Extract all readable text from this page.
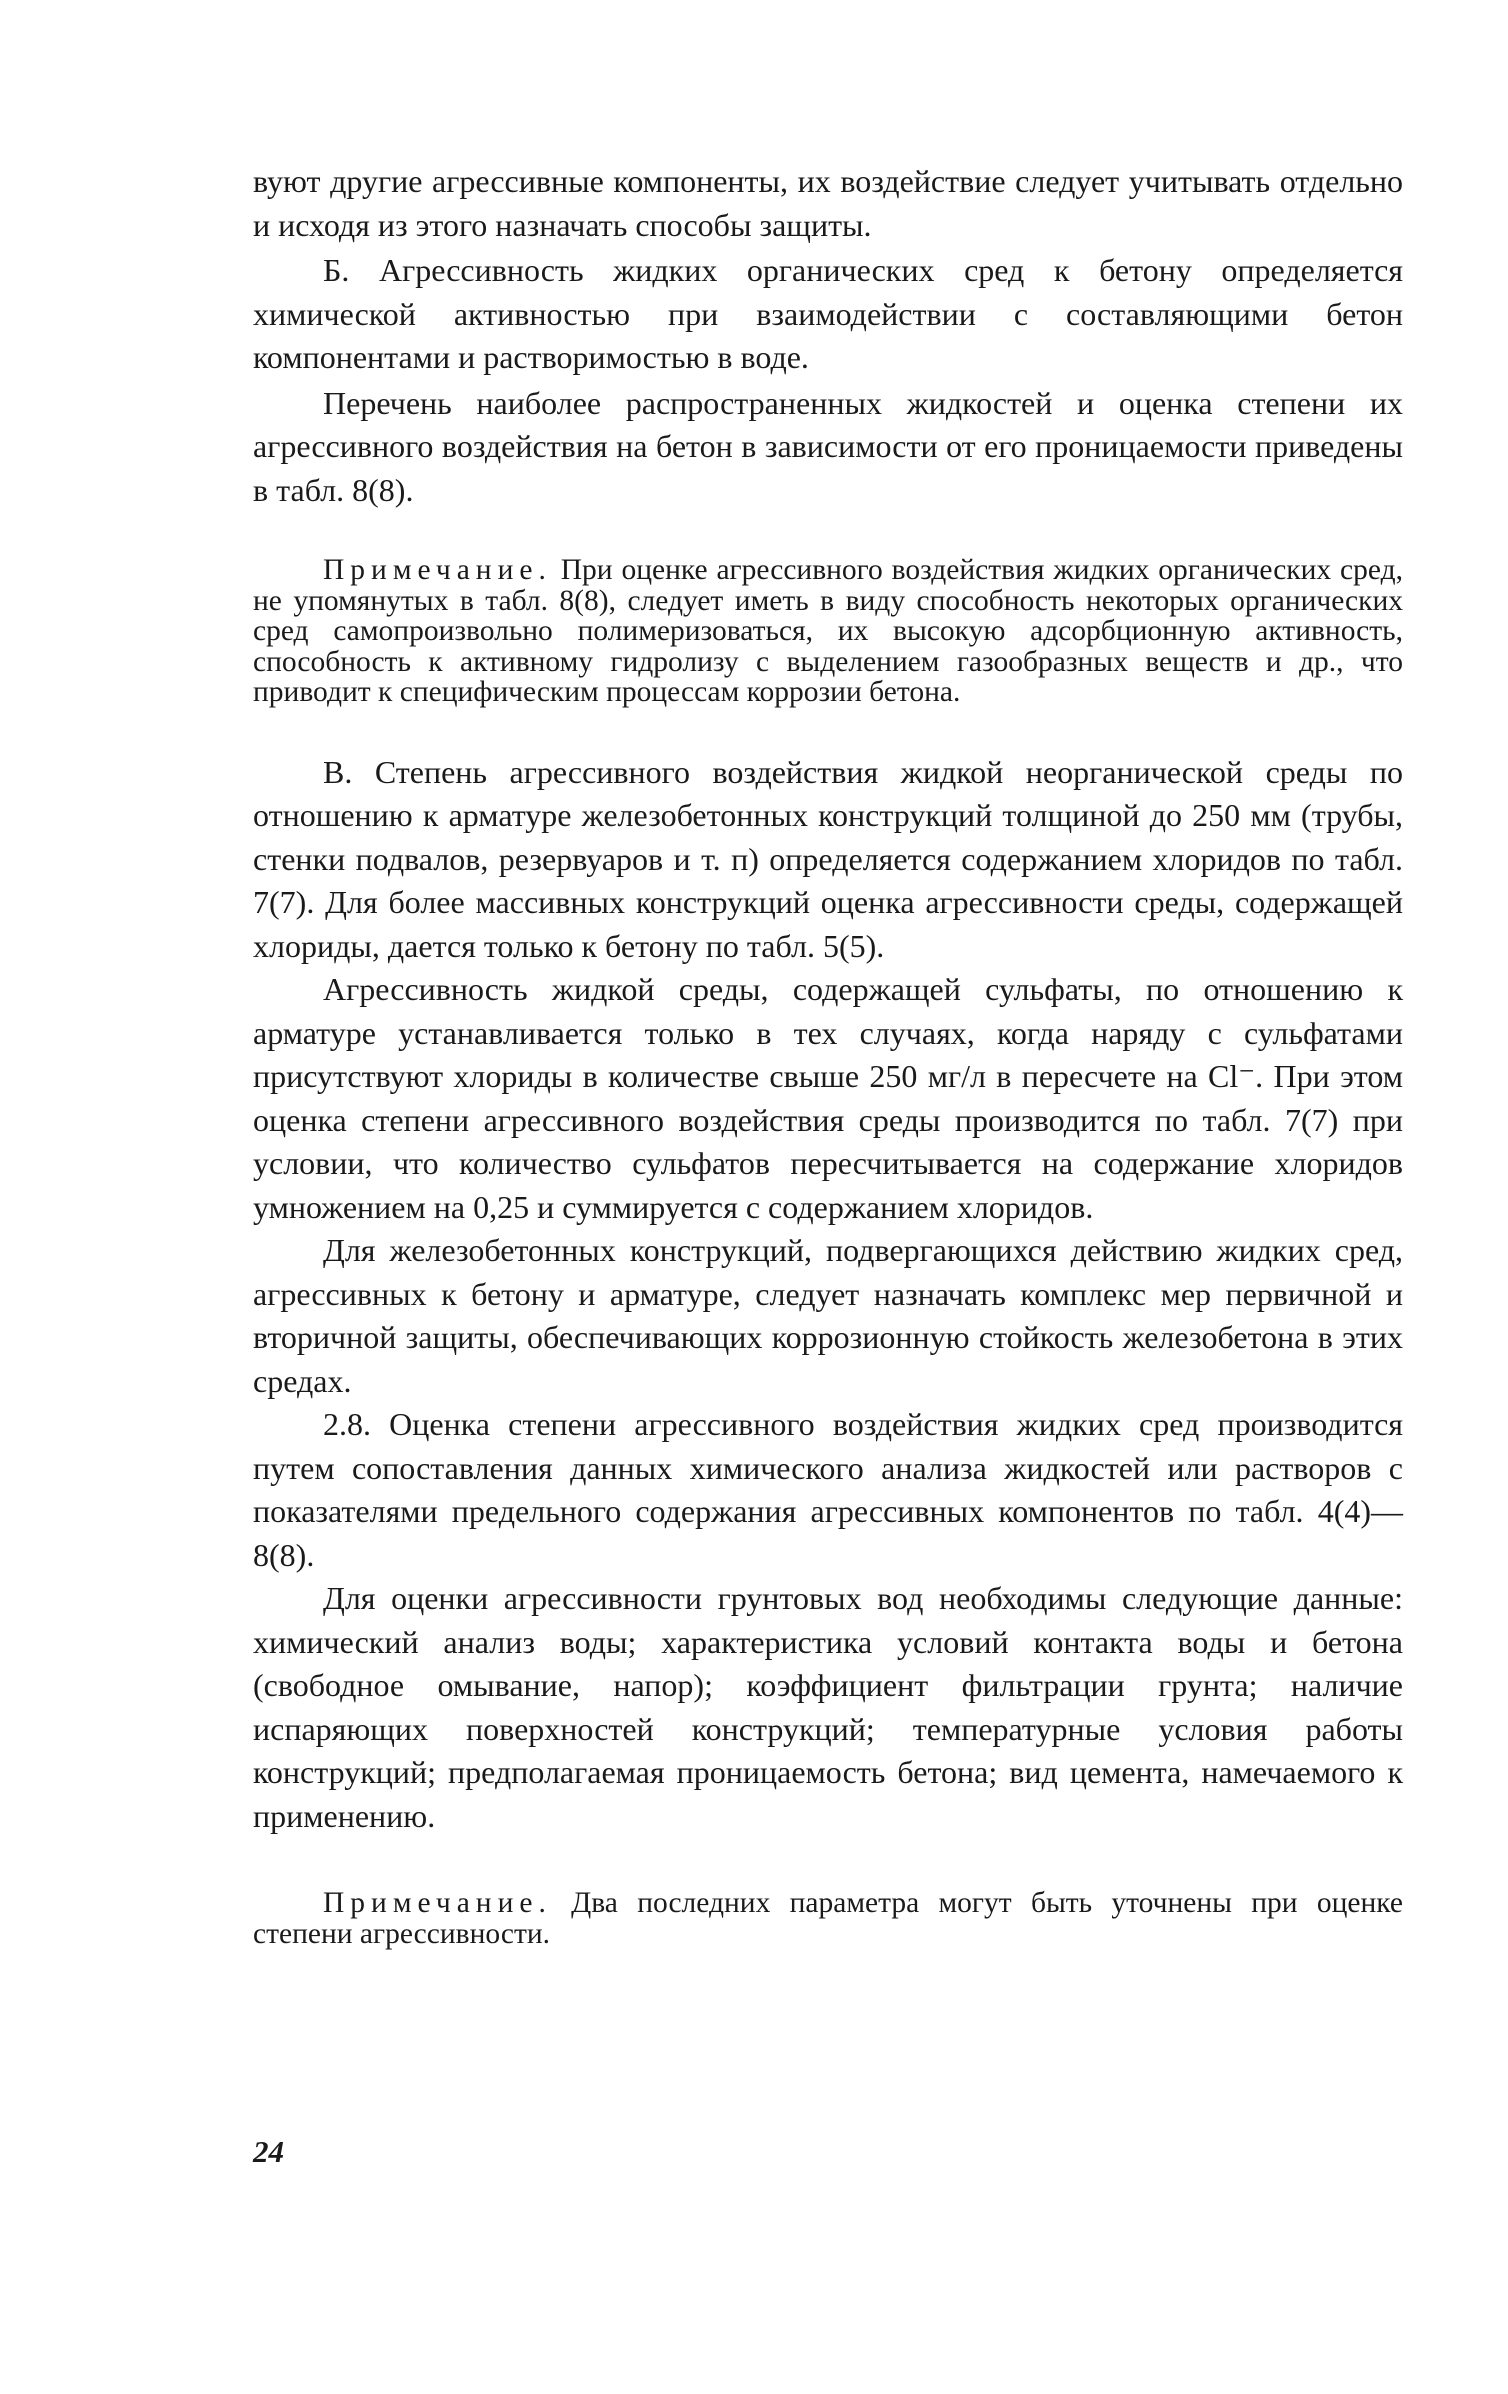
вуют другие агрессивные компоненты, их воздействие следует учитывать отдельно и исходя из этого назначать способы защиты.

Б. Агрессивность жидких органических сред к бетону определяется химической активностью при взаимодействии с составляющими бетон компонентами и растворимостью в воде.

Перечень наиболее распространенных жидкостей и оценка степени их агрессивного воздействия на бетон в зависимости от его проницаемости приведены в табл. 8(8).

Примечание. При оценке агрессивного воздействия жидких органических сред, не упомянутых в табл. 8(8), следует иметь в виду способность некоторых органических сред самопроизвольно полимеризоваться, их высокую адсорбционную активность, способность к активному гидролизу с выделением газообразных веществ и др., что приводит к специфическим процессам коррозии бетона.

В. Степень агрессивного воздействия жидкой неорганической среды по отношению к арматуре железобетонных конструкций толщиной до 250 мм (трубы, стенки подвалов, резервуаров и т. п) определяется содержанием хлоридов по табл. 7(7). Для более массивных конструкций оценка агрессивности среды, содержащей хлориды, дается только к бетону по табл. 5(5).

Агрессивность жидкой среды, содержащей сульфаты, по отношению к арматуре устанавливается только в тех случаях, когда наряду с сульфатами присутствуют хлориды в количестве свыше 250 мг/л в пересчете на Cl⁻. При этом оценка степени агрессивного воздействия среды производится по табл. 7(7) при условии, что количество сульфатов пересчитывается на содержание хлоридов умножением на 0,25 и суммируется с содержанием хлоридов.

Для железобетонных конструкций, подвергающихся действию жидких сред, агрессивных к бетону и арматуре, следует назначать комплекс мер первичной и вторичной защиты, обеспечивающих коррозионную стойкость железобетона в этих средах.

2.8. Оценка степени агрессивного воздействия жидких сред производится путем сопоставления данных химического анализа жидкостей или растворов с показателями предельного содержания агрессивных компонентов по табл. 4(4)—8(8).

Для оценки агрессивности грунтовых вод необходимы следующие данные: химический анализ воды; характеристика условий контакта воды и бетона (свободное омывание, напор); коэффициент фильтрации грунта; наличие испаряющих поверхностей конструкций; температурные условия работы конструкций; предполагаемая проницаемость бетона; вид цемента, намечаемого к применению.

Примечание. Два последних параметра могут быть уточнены при оценке степени агрессивности.

24
